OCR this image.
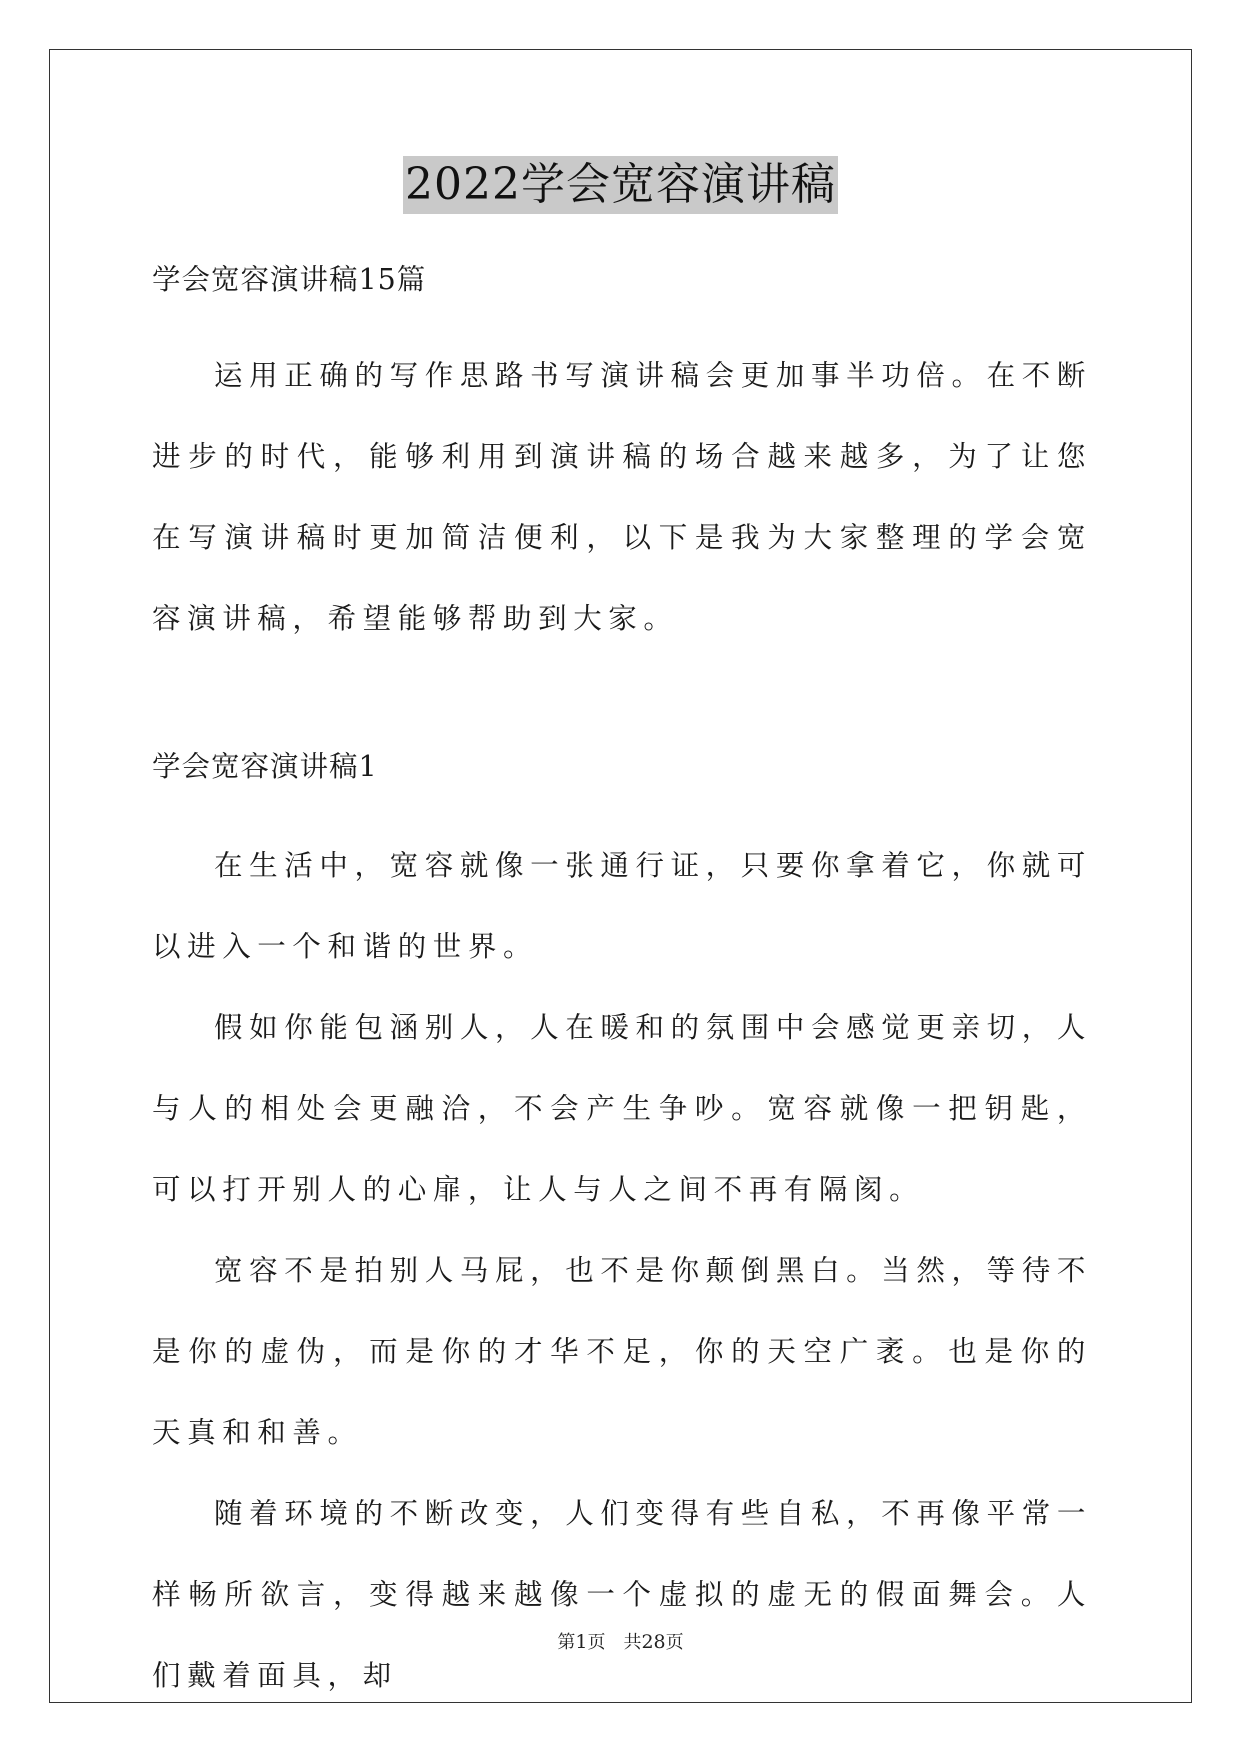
2022学会宽容演讲稿

学会宽容演讲稿15篇

运用正确的写作思路书写演讲稿会更加事半功倍。在不断进步的时代，能够利用到演讲稿的场合越来越多，为了让您在写演讲稿时更加简洁便利，以下是我为大家整理的学会宽容演讲稿，希望能够帮助到大家。

学会宽容演讲稿1

在生活中，宽容就像一张通行证，只要你拿着它，你就可以进入一个和谐的世界。

假如你能包涵别人，人在暖和的氛围中会感觉更亲切，人与人的相处会更融洽，不会产生争吵。宽容就像一把钥匙，可以打开别人的心扉，让人与人之间不再有隔阂。

宽容不是拍别人马屁，也不是你颠倒黑白。当然，等待不是你的虚伪，而是你的才华不足，你的天空广袤。也是你的天真和和善。

随着环境的不断改变，人们变得有些自私，不再像平常一样畅所欲言，变得越来越像一个虚拟的虚无的假面舞会。人们戴着面具，却

第1页 共28页
